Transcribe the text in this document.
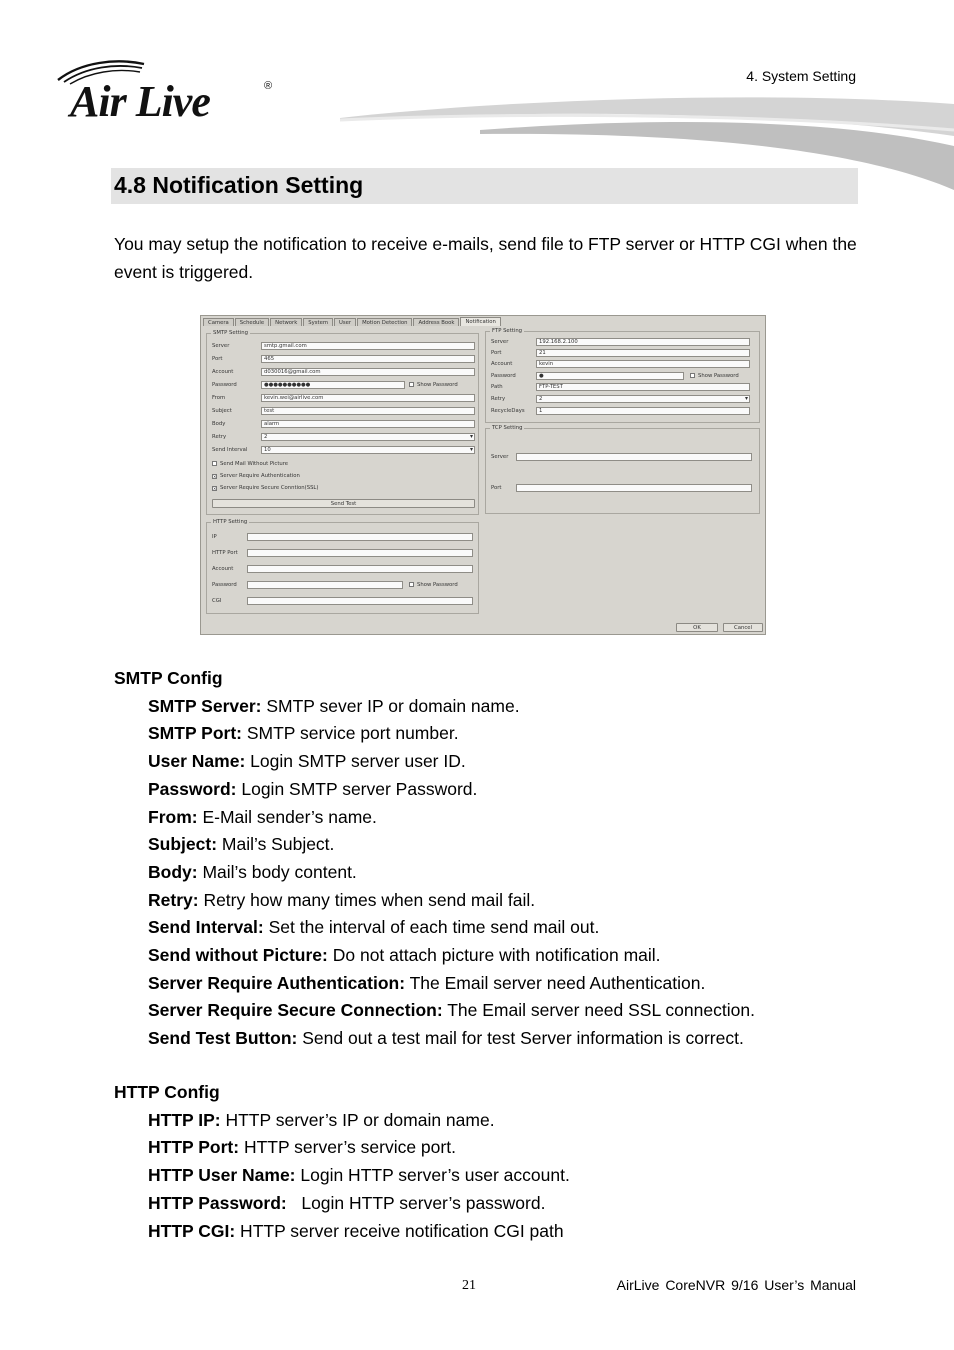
Air Live	®
4. System Setting
4.8 Notification Setting
You may setup the notification to receive e-mails, send file to FTP server or HTTP CGI when the event is triggered.
Camera	Schedule	Network	System	User	Motion Detection	Address Book	Notification
SMTP Setting
Server	smtp.gmail.com
Port	465
Account	d030016@gmail.com
Password	●●●●●●●●●●	Show Password
From	kevin.wei@airlive.com
Subject	test
Body	alarm
Retry	2 ▾
Send Interval	10 ▾
Send Mail Without Picture
✕ Server Require Authentication
✕ Server Require Secure Conntion(SSL)
Send Test
HTTP Setting
IP
HTTP Port
Account
Password	Show Password
CGI
FTP Setting
Server	192.168.2.100
Port	21
Account	kevin
Password	●	Show Password
Path	FTP-TEST
Retry	2 ▾
RecycleDays	1
TCP Setting
Server
Port
OK	Cancel
SMTP Config
SMTP Server: SMTP sever IP or domain name.
SMTP Port: SMTP service port number.
User Name: Login SMTP server user ID.
Password: Login SMTP server Password.
From: E-Mail sender’s name.
Subject: Mail’s Subject.
Body: Mail’s body content.
Retry: Retry how many times when send mail fail.
Send Interval: Set the interval of each time send mail out.
Send without Picture: Do not attach picture with notification mail.
Server Require Authentication: The Email server need Authentication.
Server Require Secure Connection: The Email server need SSL connection.
Send Test Button: Send out a test mail for test Server information is correct.
HTTP Config
HTTP IP: HTTP server’s IP or domain name.
HTTP Port: HTTP server’s service port.
HTTP User Name: Login HTTP server’s user account.
HTTP Password:   Login HTTP server’s password.
HTTP CGI: HTTP server receive notification CGI path
21	AirLive CoreNVR 9/16 User’s Manual
